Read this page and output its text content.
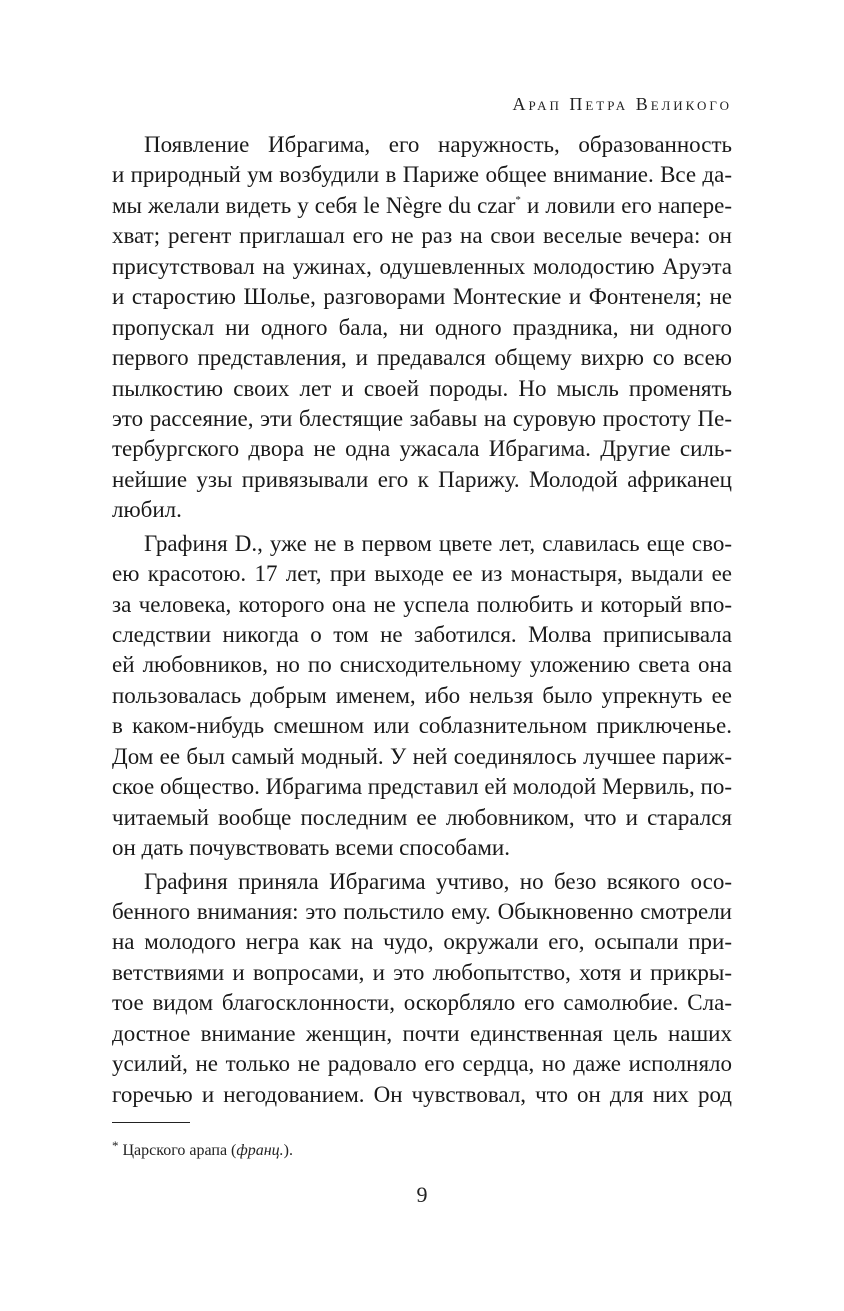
Арап Петра Великого
Появление Ибрагима, его наружность, образованность
и природный ум возбудили в Париже общее внимание. Все да-
мы желали видеть у себя le Nègre du czar* и ловили его напере-
хват; регент приглашал его не раз на свои веселые вечера: он
присутствовал на ужинах, одушевленных молодостию Аруэта
и старостию Шолье, разговорами Монтеские и Фонтенеля; не
пропускал ни одного бала, ни одного праздника, ни одного
первого представления, и предавался общему вихрю со всею
пылкостию своих лет и своей породы. Но мысль променять
это рассеяние, эти блестящие забавы на суровую простоту Пе-
тербургского двора не одна ужасала Ибрагима. Другие силь-
нейшие узы привязывали его к Парижу. Молодой африканец
любил.
Графиня D., уже не в первом цвете лет, славилась еще сво-
ею красотою. 17 лет, при выходе ее из монастыря, выдали ее
за человека, которого она не успела полюбить и который впо-
следствии никогда о том не заботился. Молва приписывала
ей любовников, но по снисходительному уложению света она
пользовалась добрым именем, ибо нельзя было упрекнуть ее
в каком-нибудь смешном или соблазнительном приключенье.
Дом ее был самый модный. У ней соединялось лучшее париж-
ское общество. Ибрагима представил ей молодой Мервиль, по-
читаемый вообще последним ее любовником, что и старался
он дать почувствовать всеми способами.
Графиня приняла Ибрагима учтиво, но безо всякого осо-
бенного внимания: это польстило ему. Обыкновенно смотрели
на молодого негра как на чудо, окружали его, осыпали при-
ветствиями и вопросами, и это любопытство, хотя и прикры-
тое видом благосклонности, оскорбляло его самолюбие. Сла-
достное внимание женщин, почти единственная цель наших
усилий, не только не радовало его сердца, но даже исполняло
горечью и негодованием. Он чувствовал, что он для них род
* Царского арапа (франц.).
9
